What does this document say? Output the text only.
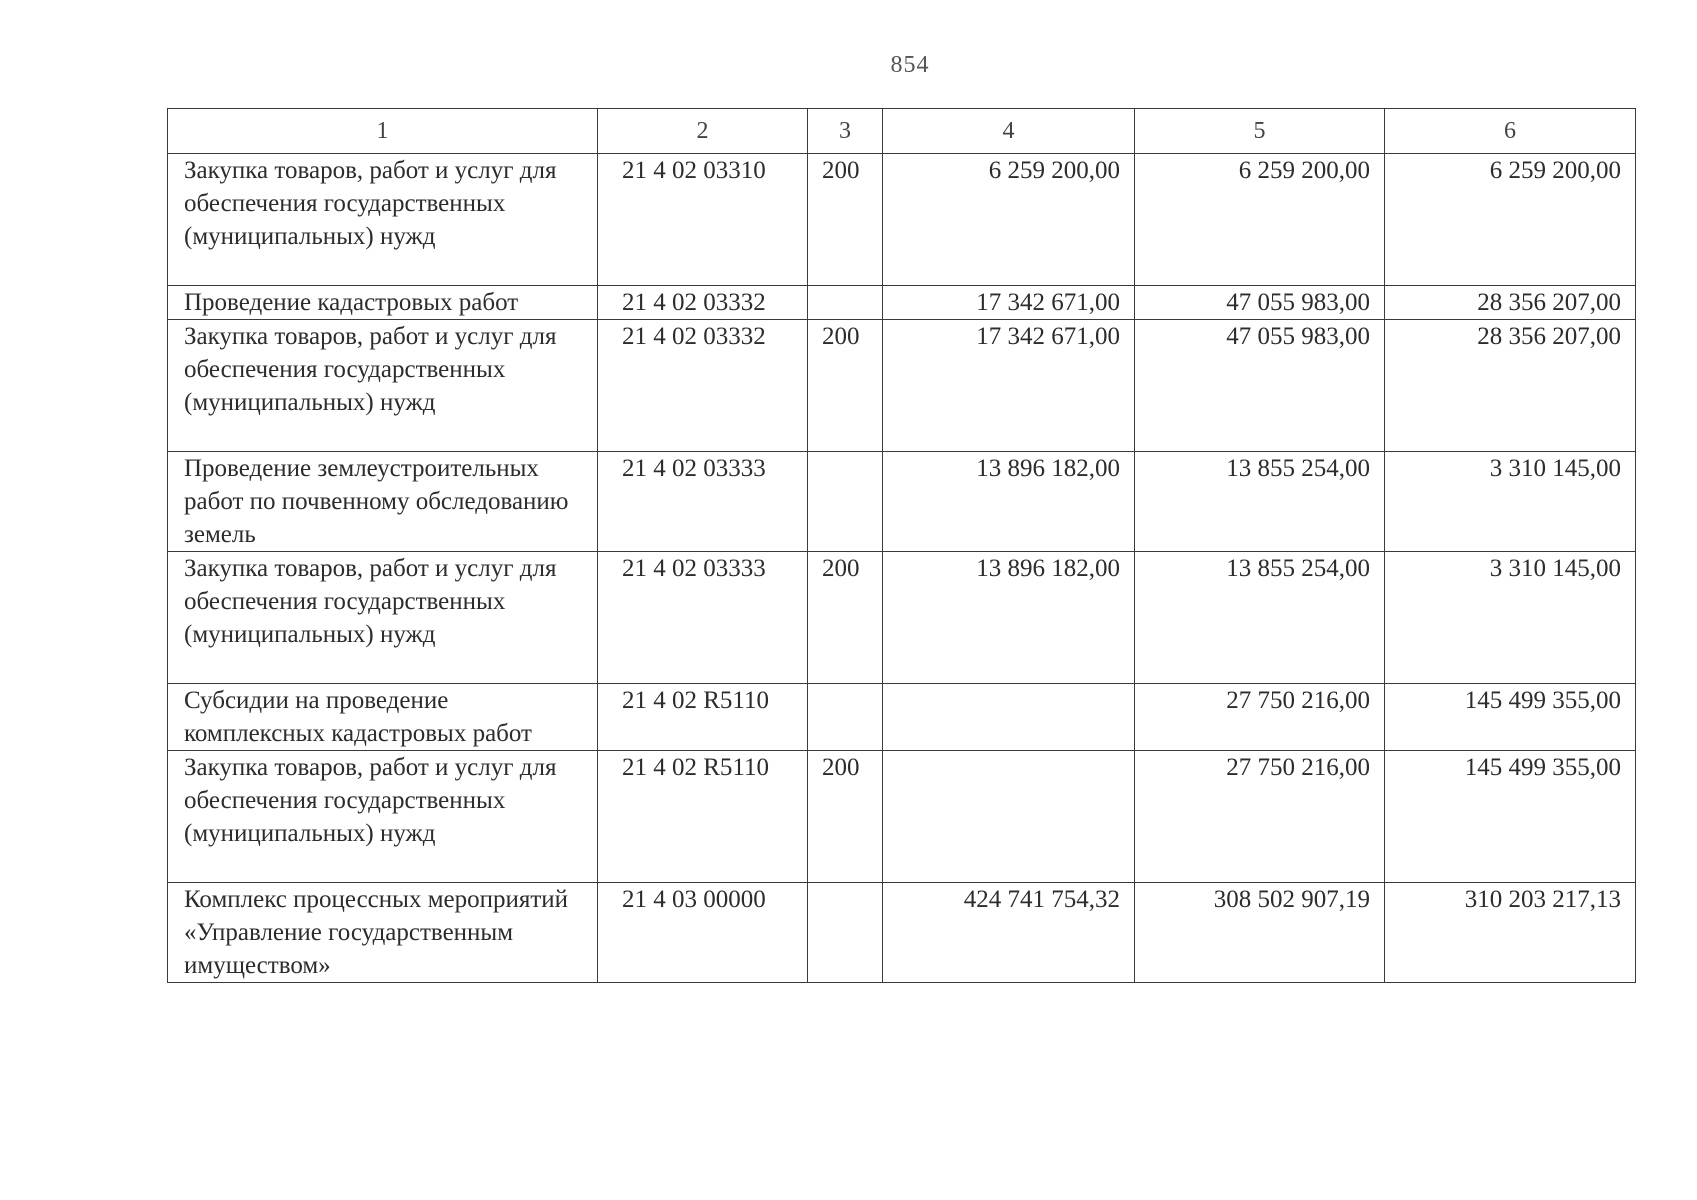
854
1	2	3	4	5	6
Закупка товаров, работ и услуг для обеспечения государственных (муниципальных) нужд	21 4 02 03310	200	6 259 200,00	6 259 200,00	6 259 200,00
Проведение кадастровых работ	21 4 02 03332		17 342 671,00	47 055 983,00	28 356 207,00
Закупка товаров, работ и услуг для обеспечения государственных (муниципальных) нужд	21 4 02 03332	200	17 342 671,00	47 055 983,00	28 356 207,00
Проведение землеустроительных работ по почвенному обследованию земель	21 4 02 03333		13 896 182,00	13 855 254,00	3 310 145,00
Закупка товаров, работ и услуг для обеспечения государственных (муниципальных) нужд	21 4 02 03333	200	13 896 182,00	13 855 254,00	3 310 145,00
Субсидии на проведение комплексных кадастровых работ	21 4 02 R5110			27 750 216,00	145 499 355,00
Закупка товаров, работ и услуг для обеспечения государственных (муниципальных) нужд	21 4 02 R5110	200		27 750 216,00	145 499 355,00
Комплекс процессных мероприятий «Управление государственным имуществом»	21 4 03 00000		424 741 754,32	308 502 907,19	310 203 217,13
